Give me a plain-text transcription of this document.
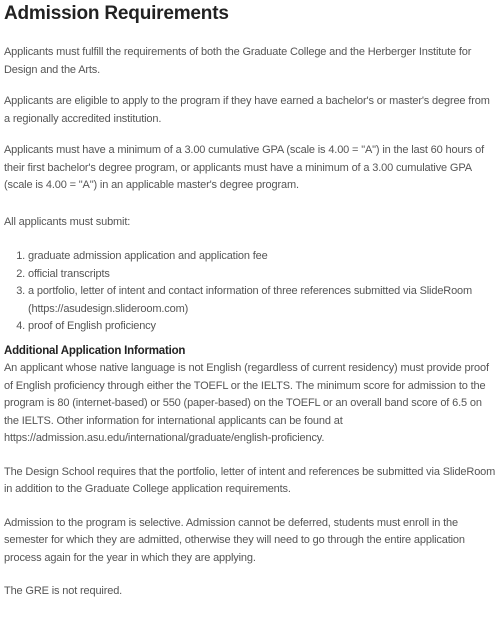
Admission Requirements

Applicants must fulfill the requirements of both the Graduate College and the Herberger Institute for Design and the Arts.

Applicants are eligible to apply to the program if they have earned a bachelor's or master's degree from a regionally accredited institution.

Applicants must have a minimum of a 3.00 cumulative GPA (scale is 4.00 = "A") in the last 60 hours of their first bachelor's degree program, or applicants must have a minimum of a 3.00 cumulative GPA (scale is 4.00 = "A") in an applicable master's degree program.

All applicants must submit:

1. graduate admission application and application fee
2. official transcripts
3. a portfolio, letter of intent and contact information of three references submitted via SlideRoom (https://asudesign.slideroom.com)
4. proof of English proficiency
Additional Application Information

An applicant whose native language is not English (regardless of current residency) must provide proof of English proficiency through either the TOEFL or the IELTS. The minimum score for admission to the program is 80 (internet-based) or 550 (paper-based) on the TOEFL or an overall band score of 6.5 on the IELTS. Other information for international applicants can be found at https://admission.asu.edu/international/graduate/english-proficiency.

The Design School requires that the portfolio, letter of intent and references be submitted via SlideRoom in addition to the Graduate College application requirements.

Admission to the program is selective. Admission cannot be deferred, students must enroll in the semester for which they are admitted, otherwise they will need to go through the entire application process again for the year in which they are applying.

The GRE is not required.
